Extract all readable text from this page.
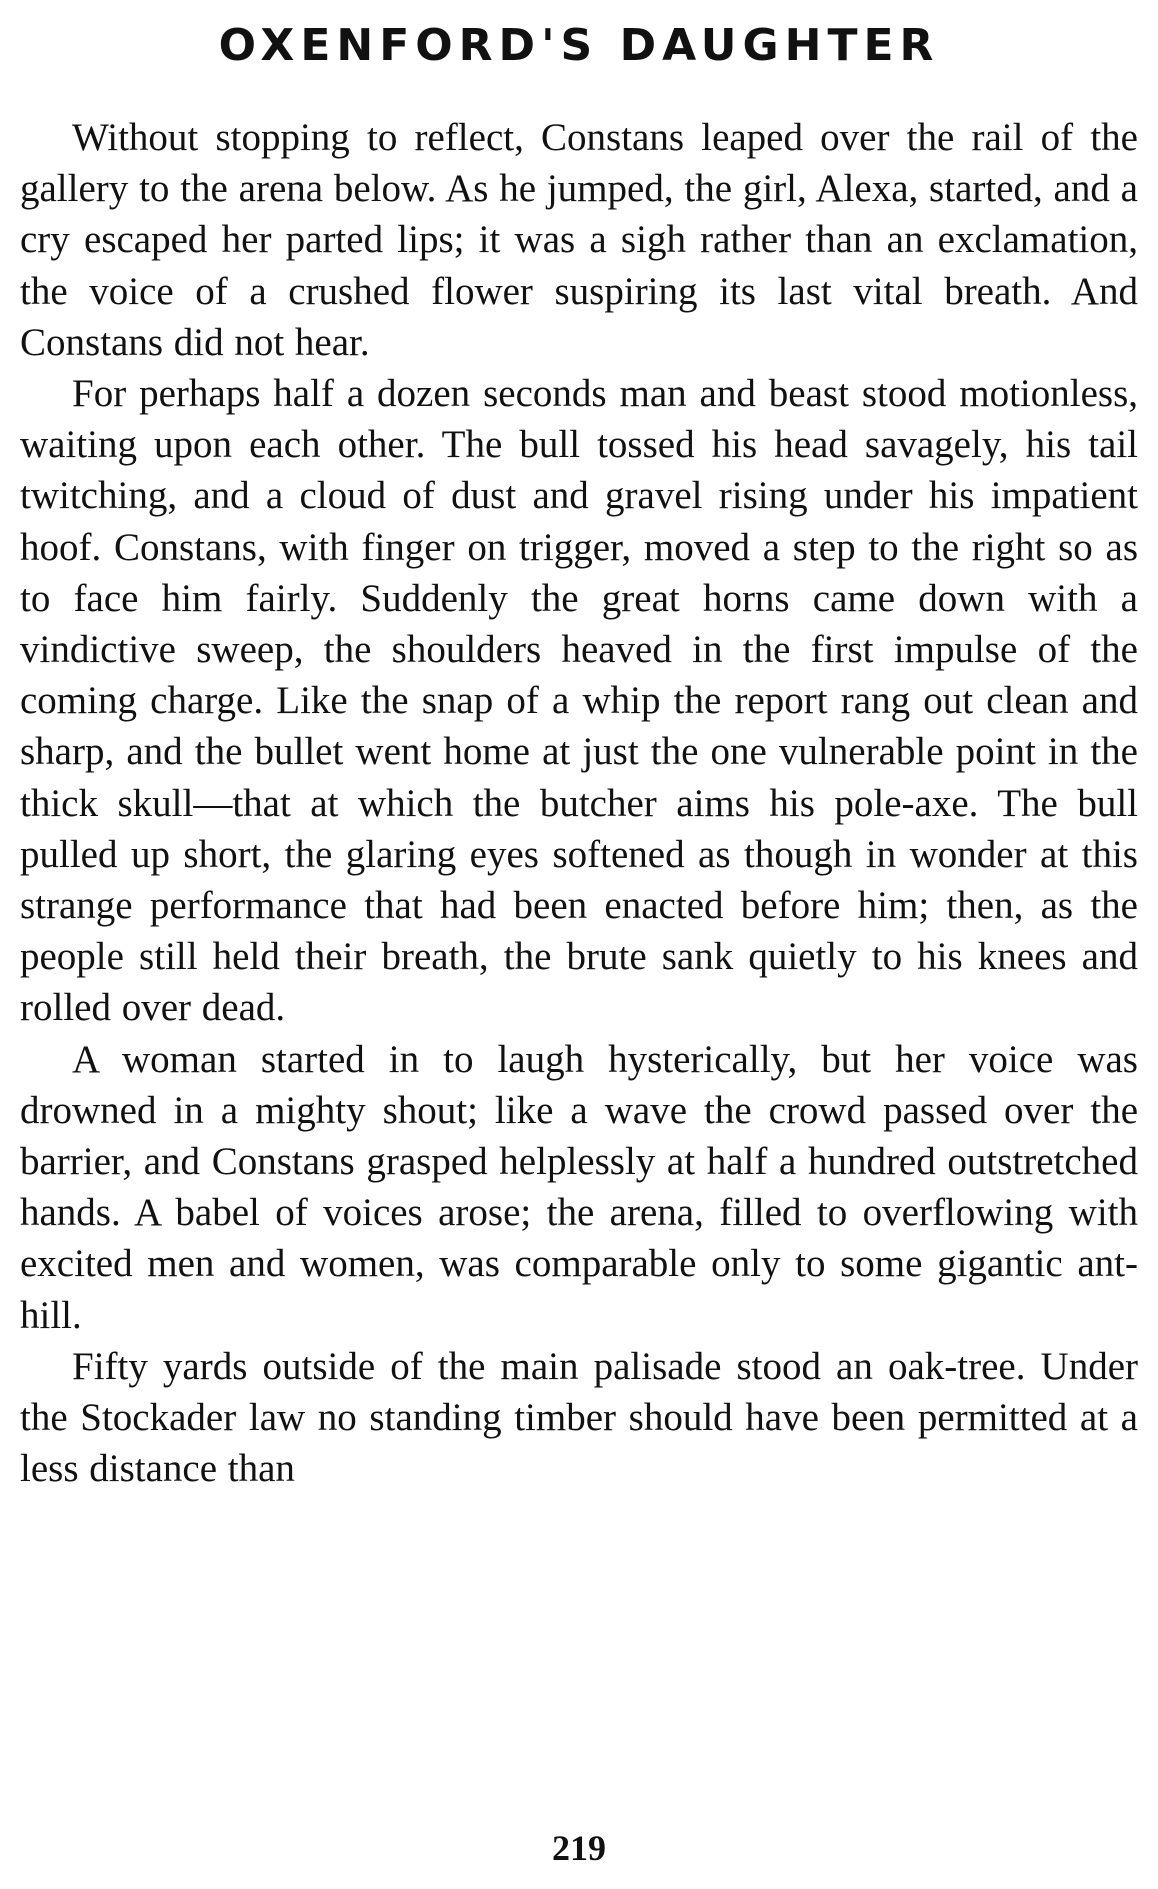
OXENFORD'S DAUGHTER

Without stopping to reflect, Constans leaped over the rail of the gallery to the arena below. As he jumped, the girl, Alexa, started, and a cry escaped her parted lips; it was a sigh rather than an exclamation, the voice of a crushed flower suspiring its last vital breath. And Constans did not hear.

For perhaps half a dozen seconds man and beast stood motionless, waiting upon each other. The bull tossed his head savagely, his tail twitching, and a cloud of dust and gravel rising under his impatient hoof. Constans, with finger on trigger, moved a step to the right so as to face him fairly. Suddenly the great horns came down with a vindictive sweep, the shoulders heaved in the first impulse of the coming charge. Like the snap of a whip the report rang out clean and sharp, and the bullet went home at just the one vulnerable point in the thick skull—that at which the butcher aims his pole-axe. The bull pulled up short, the glaring eyes softened as though in wonder at this strange performance that had been enacted before him; then, as the people still held their breath, the brute sank quietly to his knees and rolled over dead.

A woman started in to laugh hysterically, but her voice was drowned in a mighty shout; like a wave the crowd passed over the barrier, and Constans grasped helplessly at half a hundred outstretched hands. A babel of voices arose; the arena, filled to overflowing with excited men and women, was comparable only to some gigantic ant-hill.

Fifty yards outside of the main palisade stood an oak-tree. Under the Stockader law no standing timber should have been permitted at a less distance than

219
